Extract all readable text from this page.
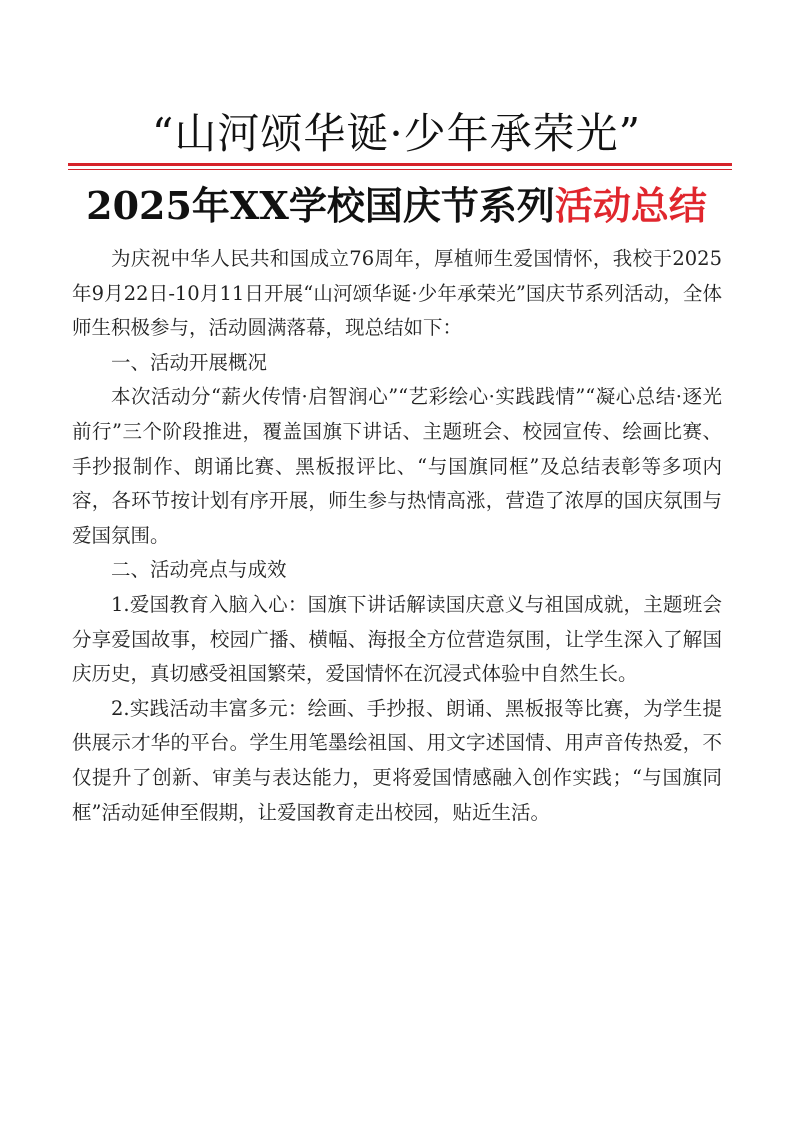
“山河颂华诞·少年承荣光”
2025年XX学校国庆节系列活动总结

为庆祝中华人民共和国成立76周年，厚植师生爱国情怀，我校于2025年9月22日-10月11日开展“山河颂华诞·少年承荣光”国庆节系列活动，全体师生积极参与，活动圆满落幕，现总结如下：

一、活动开展概况

本次活动分“薪火传情·启智润心”“艺彩绘心·实践践情”“凝心总结·逐光前行”三个阶段推进，覆盖国旗下讲话、主题班会、校园宣传、绘画比赛、手抄报制作、朗诵比赛、黑板报评比、“与国旗同框”及总结表彰等多项内容，各环节按计划有序开展，师生参与热情高涨，营造了浓厚的国庆氛围与爱国氛围。

二、活动亮点与成效

1.爱国教育入脑入心：国旗下讲话解读国庆意义与祖国成就，主题班会分享爱国故事，校园广播、横幅、海报全方位营造氛围，让学生深入了解国庆历史，真切感受祖国繁荣，爱国情怀在沉浸式体验中自然生长。

2.实践活动丰富多元：绘画、手抄报、朗诵、黑板报等比赛，为学生提供展示才华的平台。学生用笔墨绘祖国、用文字述国情、用声音传热爱，不仅提升了创新、审美与表达能力，更将爱国情感融入创作实践；“与国旗同框”活动延伸至假期，让爱国教育走出校园，贴近生活。
